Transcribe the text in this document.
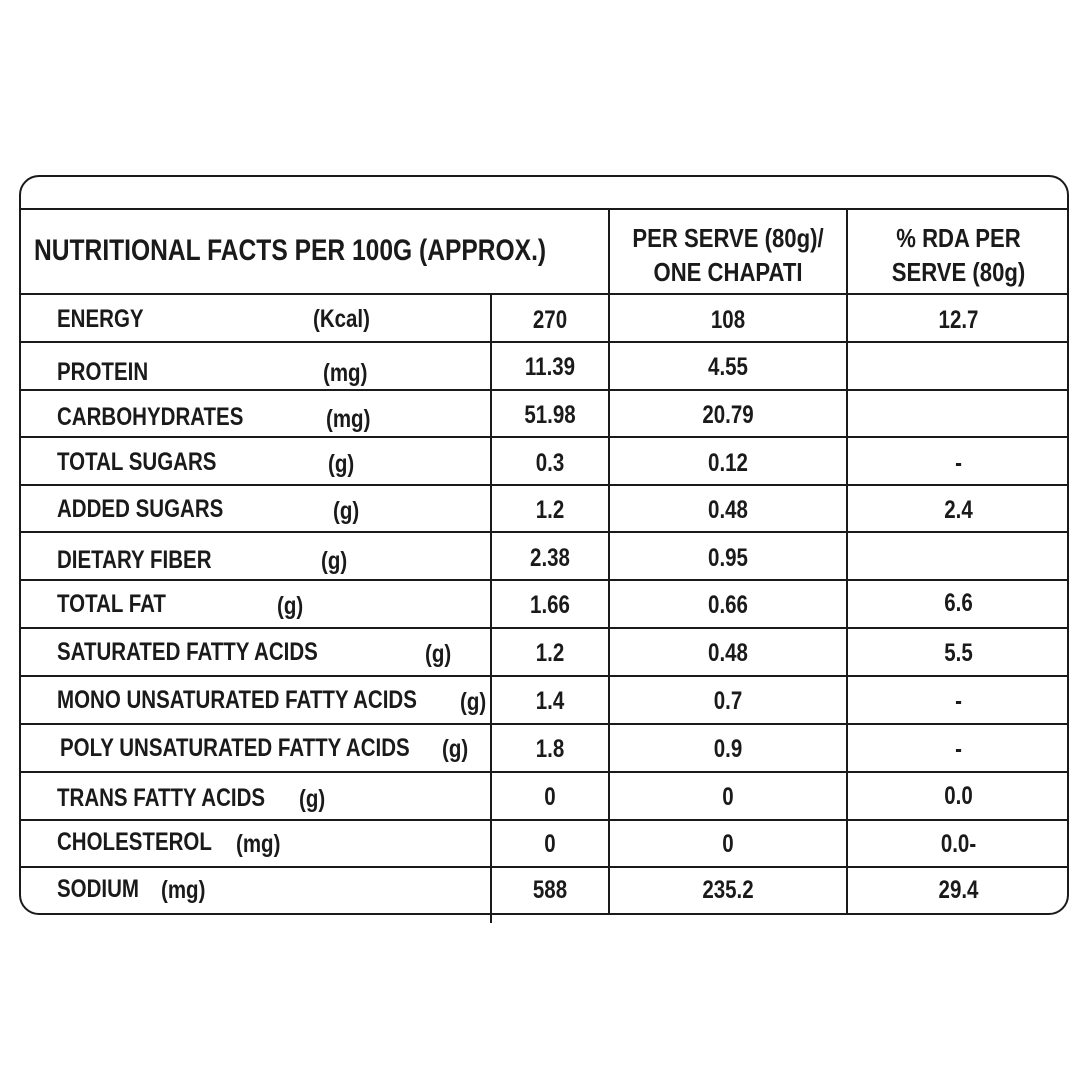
NUTRITIONAL FACTS PER 100G (APPROX.)	PER SERVE (80g)/
ONE CHAPATI
% RDA PER
SERVE (80g)
ENERGY	(Kcal)	270	108	12.7
PROTEIN	(mg)	11.39	4.55
CARBOHYDRATES	(mg)	51.98	20.79
TOTAL SUGARS	(g)	0.3	0.12	-
ADDED SUGARS	(g)	1.2	0.48	2.4
DIETARY FIBER	(g)	2.38	0.95
TOTAL FAT	(g)	1.66	0.66	6.6
SATURATED FATTY ACIDS	(g)	1.2	0.48	5.5
MONO UNSATURATED FATTY ACIDS (g)	1.4	0.7	-
POLY UNSATURATED FATTY ACIDS (g)	1.8	0.9	-
TRANS FATTY ACIDS (g)	0	0	0.0
CHOLESTEROL (mg)	0	0	0.0-
SODIUM (mg)	588	235.2	29.4
